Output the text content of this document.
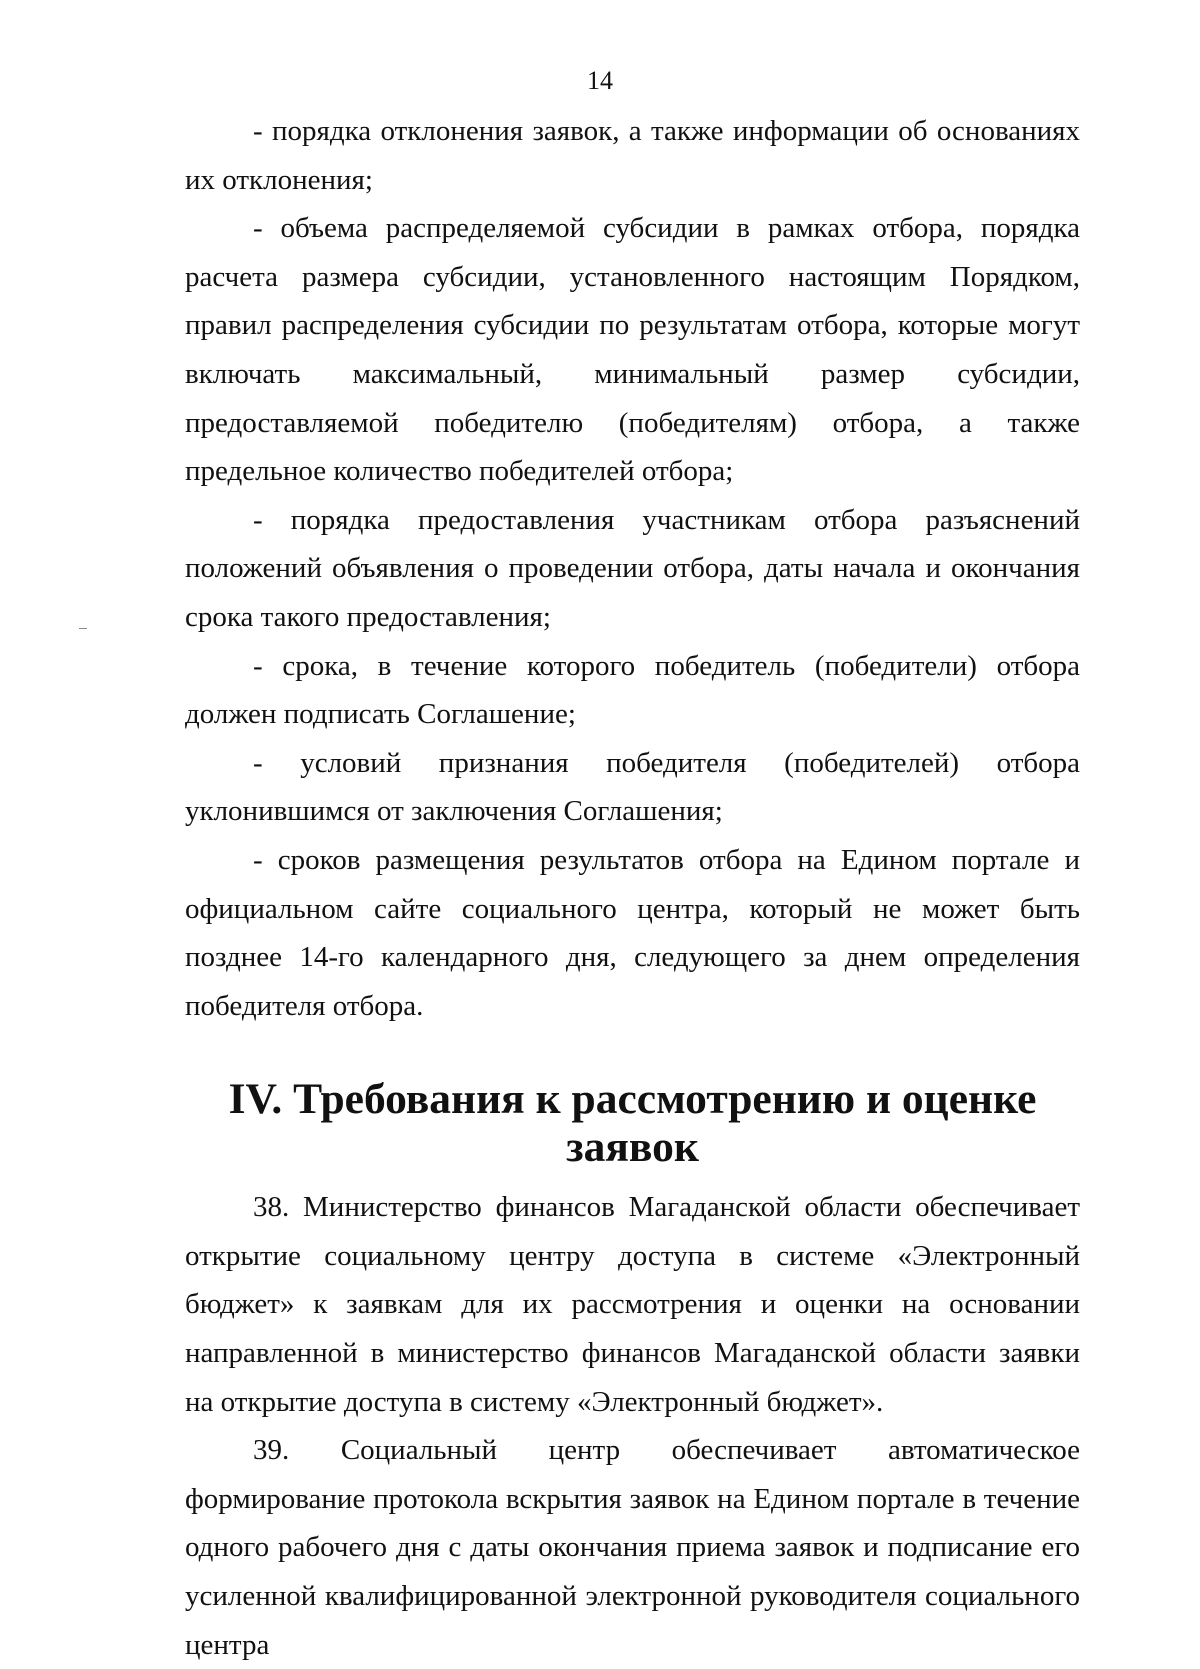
14

- порядка отклонения заявок, а также информации об основаниях их отклонения;

- объема распределяемой субсидии в рамках отбора, порядка расчета размера субсидии, установленного настоящим Порядком, правил распределения субсидии по результатам отбора, которые могут включать максимальный, минимальный размер субсидии, предоставляемой победителю (победителям) отбора, а также предельное количество победителей отбора;

- порядка предоставления участникам отбора разъяснений положений объявления о проведении отбора, даты начала и окончания срока такого предоставления;

- срока, в течение которого победитель (победители) отбора должен подписать Соглашение;

- условий признания победителя (победителей) отбора уклонившимся от заключения Соглашения;

- сроков размещения результатов отбора на Едином портале и официальном сайте социального центра, который не может быть позднее 14-го календарного дня, следующего за днем определения победителя отбора.

IV. Требования к рассмотрению и оценке заявок

38. Министерство финансов Магаданской области обеспечивает открытие социальному центру доступа в системе «Электронный бюджет» к заявкам для их рассмотрения и оценки на основании направленной в министерство финансов Магаданской области заявки на открытие доступа в систему «Электронный бюджет».

39. Социальный центр обеспечивает автоматическое формирование протокола вскрытия заявок на Едином портале в течение одного рабочего дня с даты окончания приема заявок и подписание его усиленной квалифицированной электронной руководителя социального центра
